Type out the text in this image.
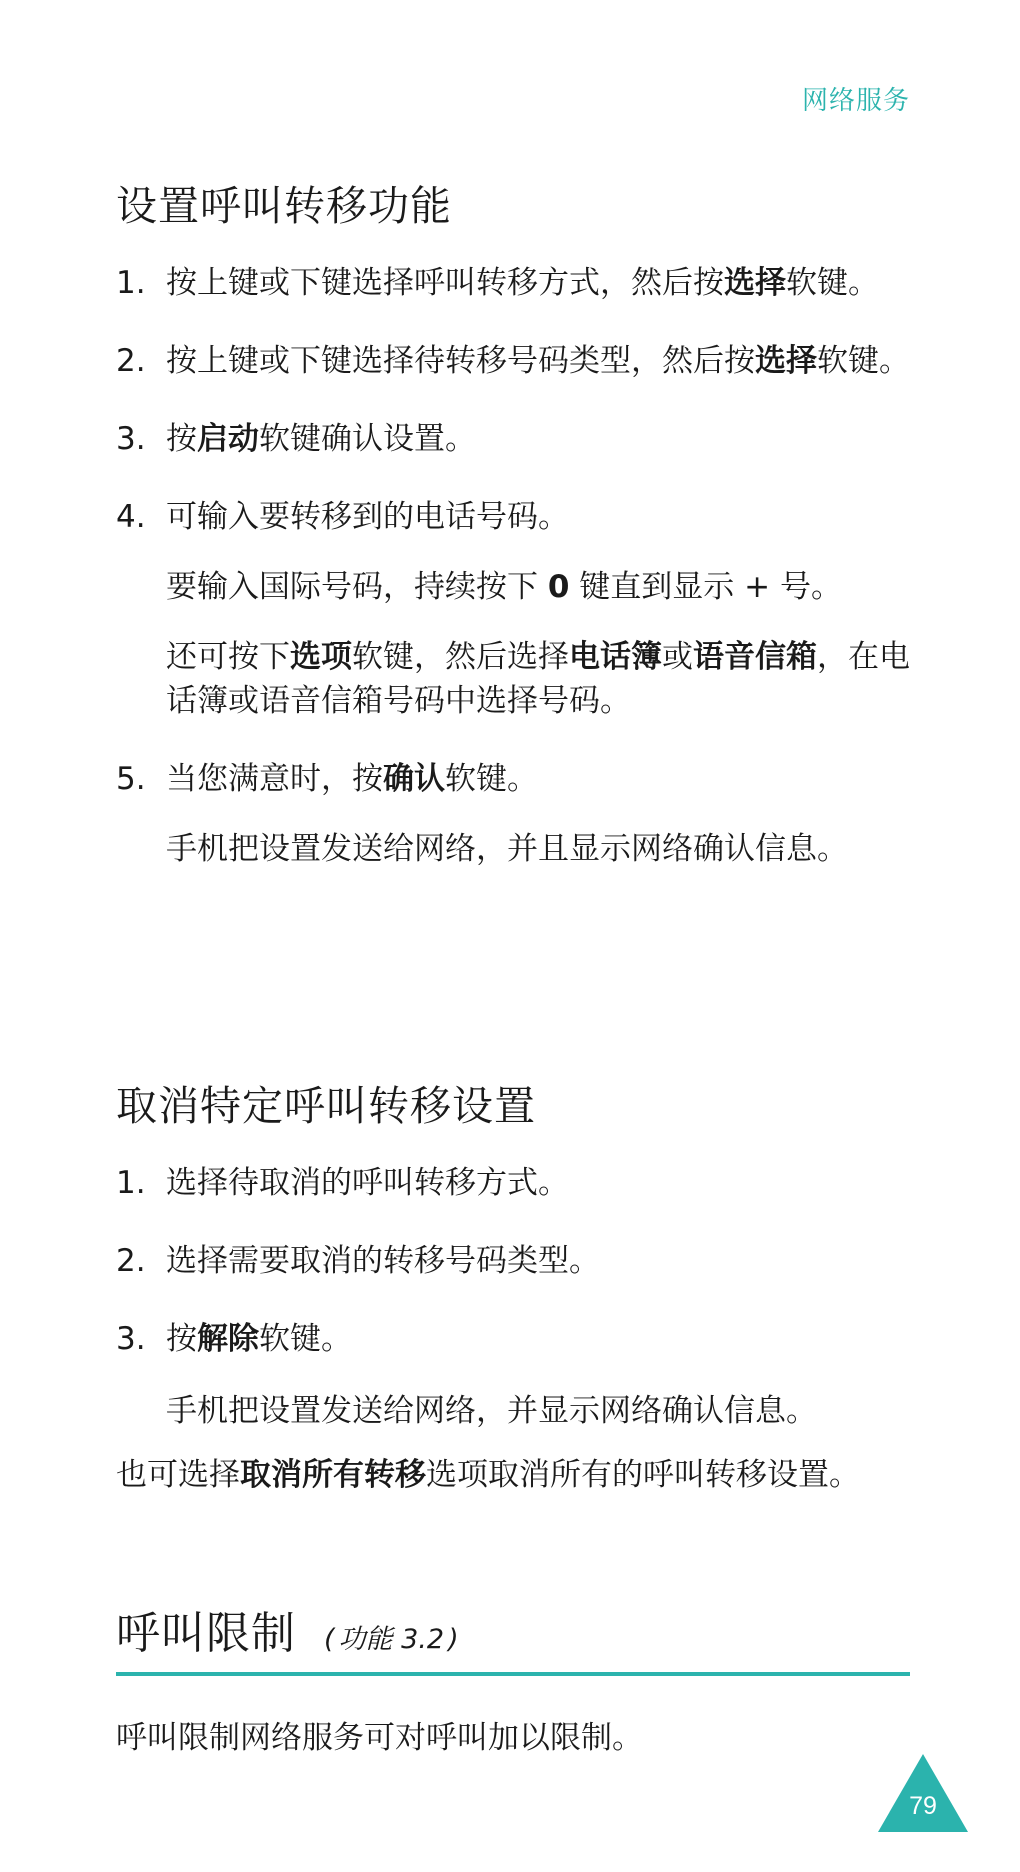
网络服务
设置呼叫转移功能
1. 按上键或下键选择呼叫转移方式，然后按选择软键。

2. 按上键或下键选择待转移号码类型，然后按选择软键。

3. 按启动软键确认设置。

4. 可输入要转移到的电话号码。

要输入国际号码，持续按下 0 键直到显示 + 号。

还可按下选项软键，然后选择电话簿或语音信箱，在电话簿或语音信箱号码中选择号码。

5. 当您满意时，按确认软键。

手机把设置发送给网络，并且显示网络确认信息。

取消特定呼叫转移设置
1. 选择待取消的呼叫转移方式。

2. 选择需要取消的转移号码类型。

3. 按解除软键。

手机把设置发送给网络，并显示网络确认信息。

也可选择取消所有转移选项取消所有的呼叫转移设置。

呼叫限制 ( 功能 3.2 )
呼叫限制网络服务可对呼叫加以限制。
79
